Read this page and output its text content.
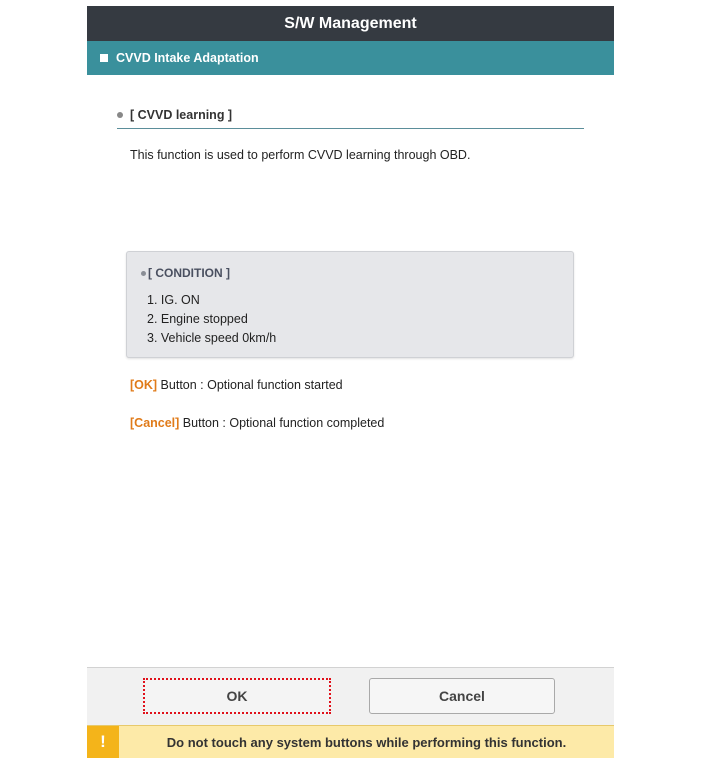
S/W Management
CVVD Intake Adaptation
[ CVVD learning ]
This function is used to perform CVVD learning through OBD.
[ CONDITION ]
1. IG. ON
2. Engine stopped
3. Vehicle speed 0km/h
[OK] Button : Optional function started
[Cancel] Button : Optional function completed
OK	Cancel
!	Do not touch any system buttons while performing this function.
